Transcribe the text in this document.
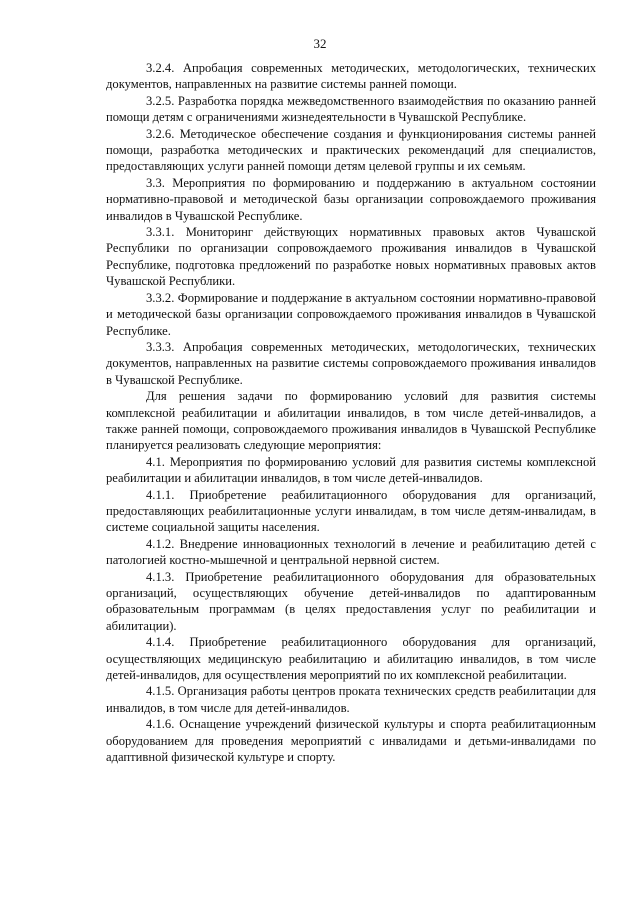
32

3.2.4. Апробация современных методических, методологических, технических документов, направленных на развитие системы ранней помощи.

3.2.5. Разработка порядка межведомственного взаимодействия по оказанию ранней помощи детям с ограничениями жизнедеятельности в Чувашской Республике.

3.2.6. Методическое обеспечение создания и функционирования системы ранней помощи, разработка методических и практических рекомендаций для специалистов, предоставляющих услуги ранней помощи детям целевой группы и их семьям.

3.3. Мероприятия по формированию и поддержанию в актуальном состоянии нормативно-правовой и методической базы организации сопровождаемого проживания инвалидов в Чувашской Республике.

3.3.1. Мониторинг действующих нормативных правовых актов Чувашской Республики по организации сопровождаемого проживания инвалидов в Чувашской Республике, подготовка предложений по разработке новых нормативных правовых актов Чувашской Республики.

3.3.2. Формирование и поддержание в актуальном состоянии нормативно-правовой и методической базы организации сопровождаемого проживания инвалидов в Чувашской Республике.

3.3.3. Апробация современных методических, методологических, технических документов, направленных на развитие системы сопровождаемого проживания инвалидов в Чувашской Республике.

Для решения задачи по формированию условий для развития системы комплексной реабилитации и абилитации инвалидов, в том числе детей-инвалидов, а также ранней помощи, сопровождаемого проживания инвалидов в Чувашской Республике планируется реализовать следующие мероприятия:

4.1. Мероприятия по формированию условий для развития системы комплексной реабилитации и абилитации инвалидов, в том числе детей-инвалидов.

4.1.1. Приобретение реабилитационного оборудования для организаций, предоставляющих реабилитационные услуги инвалидам, в том числе детям-инвалидам, в системе социальной защиты населения.

4.1.2. Внедрение инновационных технологий в лечение и реабилитацию детей с патологией костно-мышечной и центральной нервной систем.

4.1.3. Приобретение реабилитационного оборудования для образовательных организаций, осуществляющих обучение детей-инвалидов по адаптированным образовательным программам (в целях предоставления услуг по реабилитации и абилитации).

4.1.4. Приобретение реабилитационного оборудования для организаций, осуществляющих медицинскую реабилитацию и абилитацию инвалидов, в том числе детей-инвалидов, для осуществления мероприятий по их комплексной реабилитации.

4.1.5. Организация работы центров проката технических средств реабилитации для инвалидов, в том числе для детей-инвалидов.

4.1.6. Оснащение учреждений физической культуры и спорта реабилитационным оборудованием для проведения мероприятий с инвалидами и детьми-инвалидами по адаптивной физической культуре и спорту.
